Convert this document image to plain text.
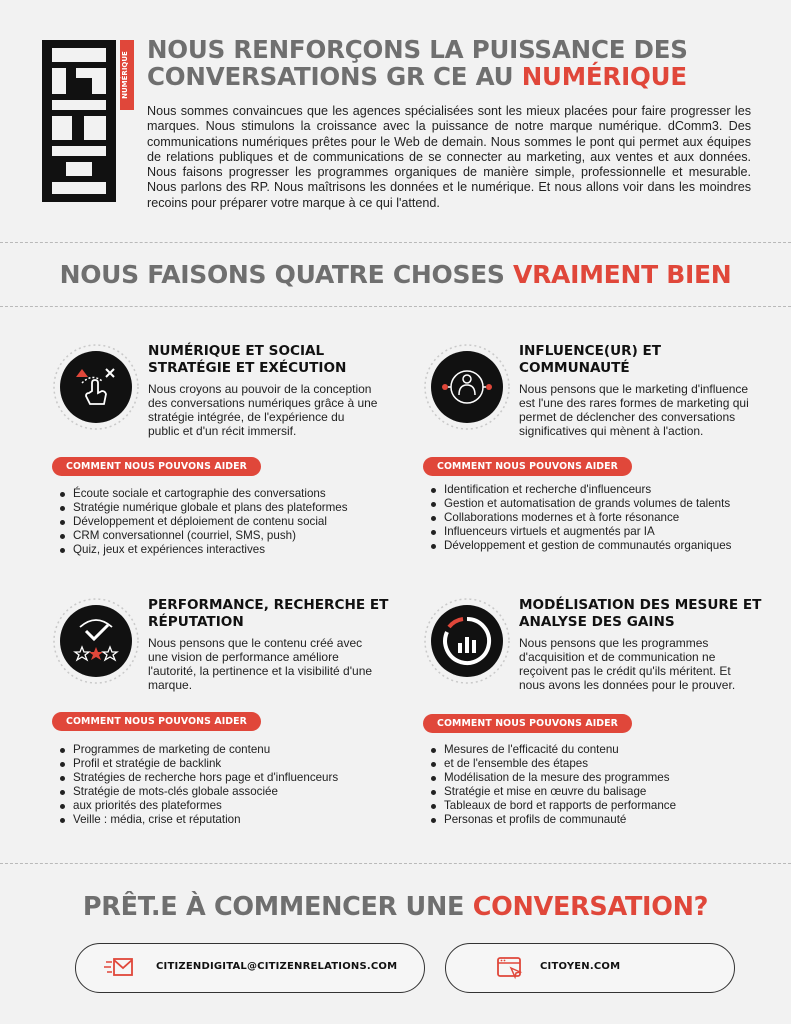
NUMÉRIQUE
NOUS RENFORÇONS LA PUISSANCE DES
CONVERSATIONS GR CE AU NUMÉRIQUE

Nous sommes convaincues que les agences spécialisées sont les mieux placées pour faire progresser les marques. Nous stimulons la croissance avec la puissance de notre marque numérique. dComm3. Des communications numériques prêtes pour le Web de demain. Nous sommes le pont qui permet aux équipes de relations publiques et de communications de se connecter au marketing, aux ventes et aux données. Nous faisons progresser les programmes organiques de manière simple, professionnelle et mesurable. Nous parlons des RP. Nous maîtrisons les données et le numérique. Et nous allons voir dans les moindres recoins pour préparer votre marque à ce qui l'attend.

NOUS FAISONS QUATRE CHOSES VRAIMENT BIEN
NUMÉRIQUE ET SOCIAL STRATÉGIE ET EXÉCUTION
Nous croyons au pouvoir de la conception des conversations numériques grâce à une stratégie intégrée, de l'expérience du public et d'un récit immersif.
COMMENT NOUS POUVONS AIDER
Écoute sociale et cartographie des conversations
Stratégie numérique globale et plans des plateformes
Développement et déploiement de contenu social
CRM conversationnel (courriel, SMS, push)
Quiz, jeux et expériences interactives
INFLUENCE(UR) ET COMMUNAUTÉ
Nous pensons que le marketing d'influence est l'une des rares formes de marketing qui permet de déclencher des conversations significatives qui mènent à l'action.
COMMENT NOUS POUVONS AIDER
Identification et recherche d'influenceurs
Gestion et automatisation de grands volumes de talents
Collaborations modernes et à forte résonance
Influenceurs virtuels et augmentés par IA
Développement et gestion de communautés organiques
PERFORMANCE, RECHERCHE ET RÉPUTATION
Nous pensons que le contenu créé avec une vision de performance améliore l'autorité, la pertinence et la visibilité d'une marque.
COMMENT NOUS POUVONS AIDER
Programmes de marketing de contenu
Profil et stratégie de backlink
Stratégies de recherche hors page et d'influenceurs
Stratégie de mots-clés globale associée
aux priorités des plateformes
Veille : média, crise et réputation
MODÉLISATION DES MESURE ET ANALYSE DES GAINS
Nous pensons que les programmes d'acquisition et de communication ne reçoivent pas le crédit qu'ils méritent. Et nous avons les données pour le prouver.
COMMENT NOUS POUVONS AIDER
Mesures de l'efficacité du contenu
et de l'ensemble des étapes
Modélisation de la mesure des programmes
Stratégie et mise en œuvre du balisage
Tableaux de bord et rapports de performance
Personas et profils de communauté
PRÊT.E À COMMENCER UNE CONVERSATION?
CITIZENDIGITAL@CITIZENRELATIONS.COM	CITOYEN.COM
